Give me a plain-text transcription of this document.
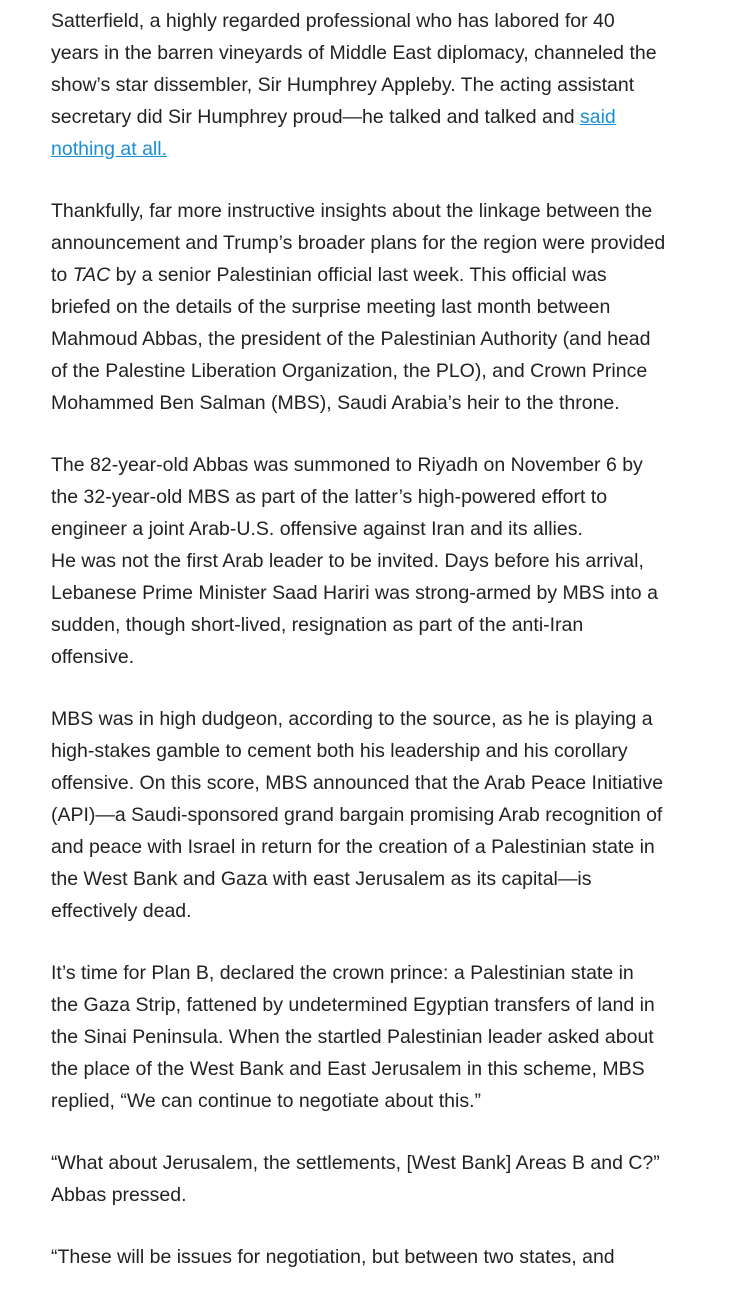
Satterfield, a highly regarded professional who has labored for 40 years in the barren vineyards of Middle East diplomacy, channeled the show’s star dissembler, Sir Humphrey Appleby. The acting assistant secretary did Sir Humphrey proud—he talked and talked and said nothing at all.

Thankfully, far more instructive insights about the linkage between the announcement and Trump’s broader plans for the region were provided to TAC by a senior Palestinian official last week. This official was briefed on the details of the surprise meeting last month between Mahmoud Abbas, the president of the Palestinian Authority (and head of the Palestine Liberation Organization, the PLO), and Crown Prince Mohammed Ben Salman (MBS), Saudi Arabia’s heir to the throne.

The 82-year-old Abbas was summoned to Riyadh on November 6 by the 32-year-old MBS as part of the latter’s high-powered effort to engineer a joint Arab-U.S. offensive against Iran and its allies.
He was not the first Arab leader to be invited. Days before his arrival, Lebanese Prime Minister Saad Hariri was strong-armed by MBS into a sudden, though short-lived, resignation as part of the anti-Iran offensive.

MBS was in high dudgeon, according to the source, as he is playing a high-stakes gamble to cement both his leadership and his corollary offensive. On this score, MBS announced that the Arab Peace Initiative (API)—a Saudi-sponsored grand bargain promising Arab recognition of and peace with Israel in return for the creation of a Palestinian state in the West Bank and Gaza with east Jerusalem as its capital—is effectively dead.

It’s time for Plan B, declared the crown prince: a Palestinian state in the Gaza Strip, fattened by undetermined Egyptian transfers of land in the Sinai Peninsula. When the startled Palestinian leader asked about the place of the West Bank and East Jerusalem in this scheme, MBS replied, “We can continue to negotiate about this.”

“What about Jerusalem, the settlements, [West Bank] Areas B and C?” Abbas pressed.

“These will be issues for negotiation, but between two states, and
